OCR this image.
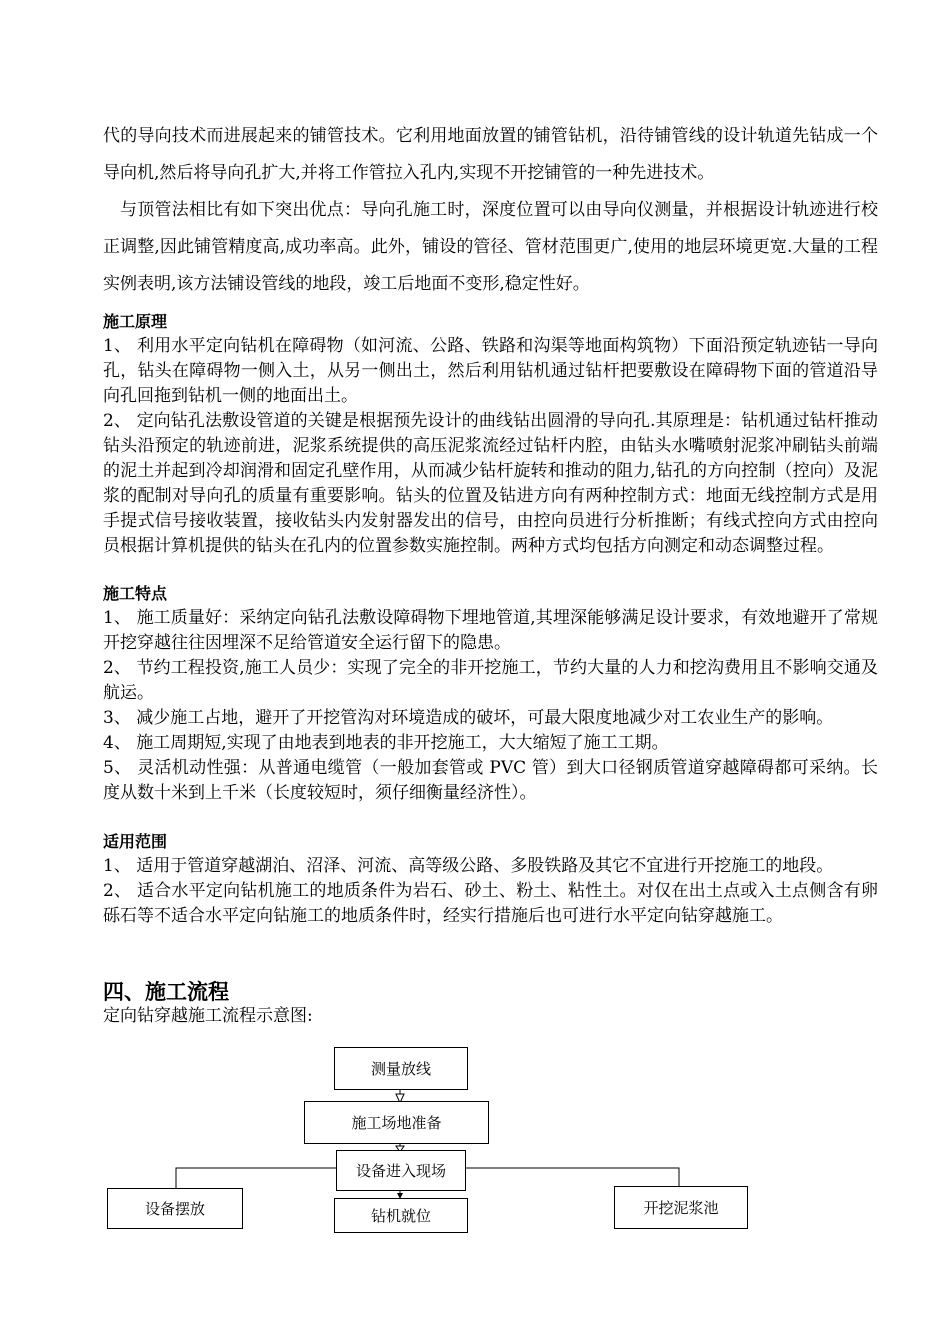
代的导向技术而进展起来的铺管技术。它利用地面放置的铺管钻机，沿待铺管线的设计轨道先钻成一个导向机,然后将导向孔扩大,并将工作管拉入孔内,实现不开挖铺管的一种先进技术。

与顶管法相比有如下突出优点：导向孔施工时，深度位置可以由导向仪测量，并根据设计轨迹进行校正调整,因此铺管精度高,成功率高。此外，铺设的管径、管材范围更广,使用的地层环境更宽.大量的工程实例表明,该方法铺设管线的地段，竣工后地面不变形,稳定性好。

施工原理

1、 利用水平定向钻机在障碍物（如河流、公路、铁路和沟渠等地面构筑物）下面沿预定轨迹钻一导向孔，钻头在障碍物一侧入土，从另一侧出土，然后利用钻机通过钻杆把要敷设在障碍物下面的管道沿导向孔回拖到钻机一侧的地面出土。

2、 定向钻孔法敷设管道的关键是根据预先设计的曲线钻出圆滑的导向孔.其原理是：钻机通过钻杆推动钻头沿预定的轨迹前进，泥浆系统提供的高压泥浆流经过钻杆内腔，由钻头水嘴喷射泥浆冲刷钻头前端的泥土并起到冷却润滑和固定孔壁作用，从而减少钻杆旋转和推动的阻力,钻孔的方向控制（控向）及泥浆的配制对导向孔的质量有重要影响。钻头的位置及钻进方向有两种控制方式：地面无线控制方式是用手提式信号接收装置，接收钻头内发射器发出的信号，由控向员进行分析推断；有线式控向方式由控向员根据计算机提供的钻头在孔内的位置参数实施控制。两种方式均包括方向测定和动态调整过程。

施工特点

1、 施工质量好：采纳定向钻孔法敷设障碍物下埋地管道,其埋深能够满足设计要求，有效地避开了常规开挖穿越往往因埋深不足给管道安全运行留下的隐患。

2、 节约工程投资,施工人员少：实现了完全的非开挖施工，节约大量的人力和挖沟费用且不影响交通及航运。

3、 减少施工占地，避开了开挖管沟对环境造成的破坏，可最大限度地减少对工农业生产的影响。

4、 施工周期短,实现了由地表到地表的非开挖施工，大大缩短了施工工期。

5、 灵活机动性强：从普通电缆管（一般加套管或 PVC 管）到大口径钢质管道穿越障碍都可采纳。长度从数十米到上千米（长度较短时，须仔细衡量经济性）。

适用范围

1、 适用于管道穿越湖泊、沼泽、河流、高等级公路、多股铁路及其它不宜进行开挖施工的地段。

2、 适合水平定向钻机施工的地质条件为岩石、砂土、粉土、粘性土。对仅在出土点或入土点侧含有卵砾石等不适合水平定向钻施工的地质条件时，经实行措施后也可进行水平定向钻穿越施工。

四、施工流程
定向钻穿越施工流程示意图:
测量放线
施工场地准备
设备进入现场
设备摆放	钻机就位	开挖泥浆池
